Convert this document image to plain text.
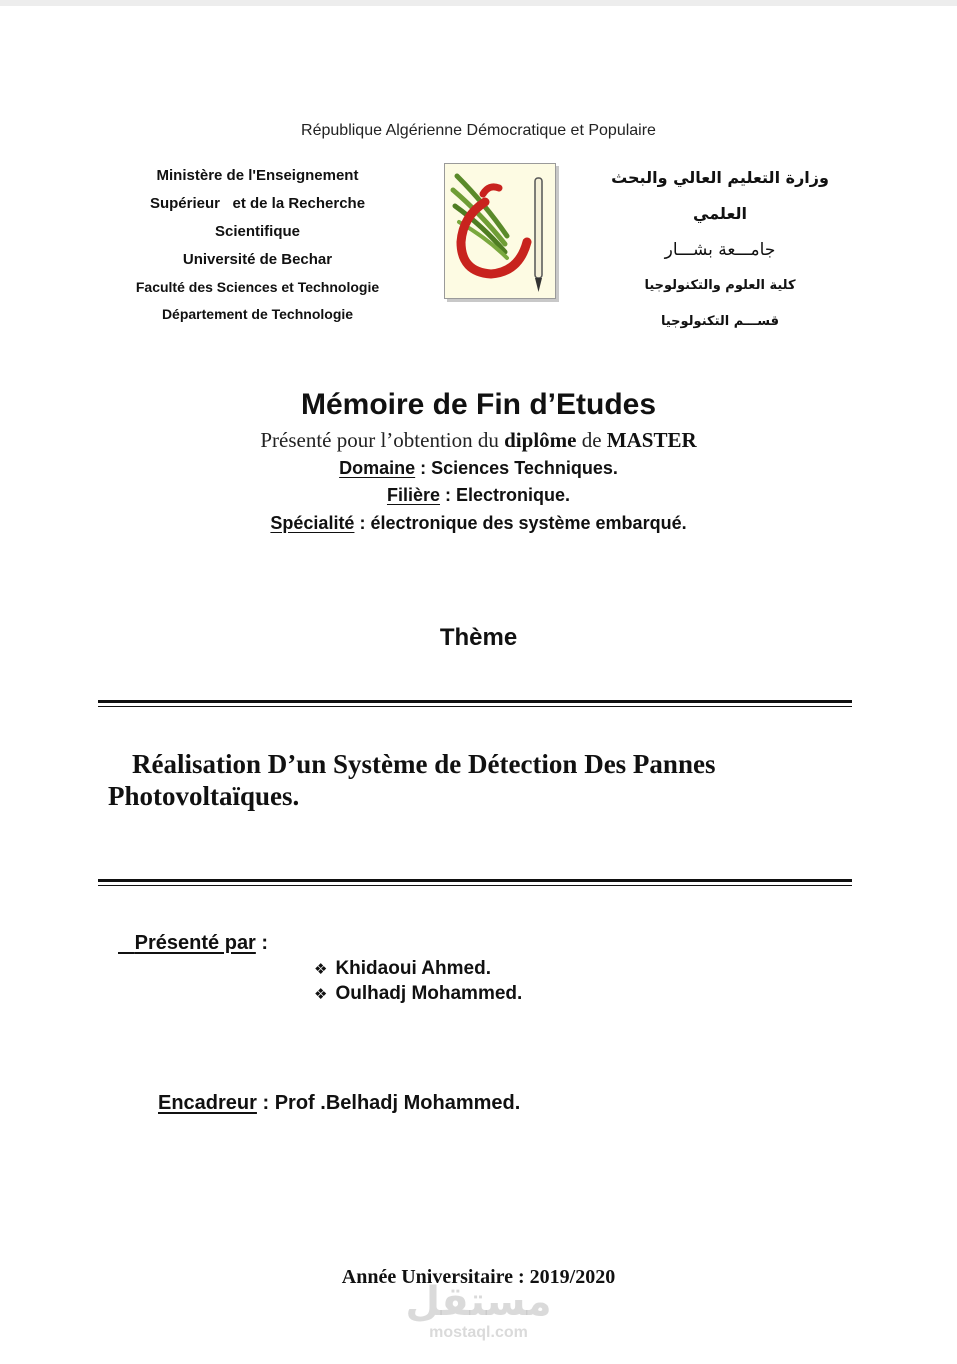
République Algérienne Démocratique et Populaire
Ministère de l'Enseignement
Supérieur   et de la Recherche
Scientifique
Université de Bechar
Faculté des Sciences et Technologie
Département de Technologie
وزارة التعليم العالي والبحث العلمي
جامـــعة بشـــار
كلية العلوم والتكنولوجيا
قســـم التكنولوجيا
Mémoire de Fin d’Etudes
Présenté pour l’obtention du diplôme de MASTER
Domaine : Sciences Techniques.
Filière : Electronique.
Spécialité : électronique des système embarqué.
Thème
Réalisation D’un Système de Détection Des Pannes
Photovoltaïques.
Présenté par :
❖ Khidaoui Ahmed.
❖ Oulhadj Mohammed.
Encadreur : Prof .Belhadj Mohammed.
Année Universitaire : 2019/2020
مستقل
mostaql.com
